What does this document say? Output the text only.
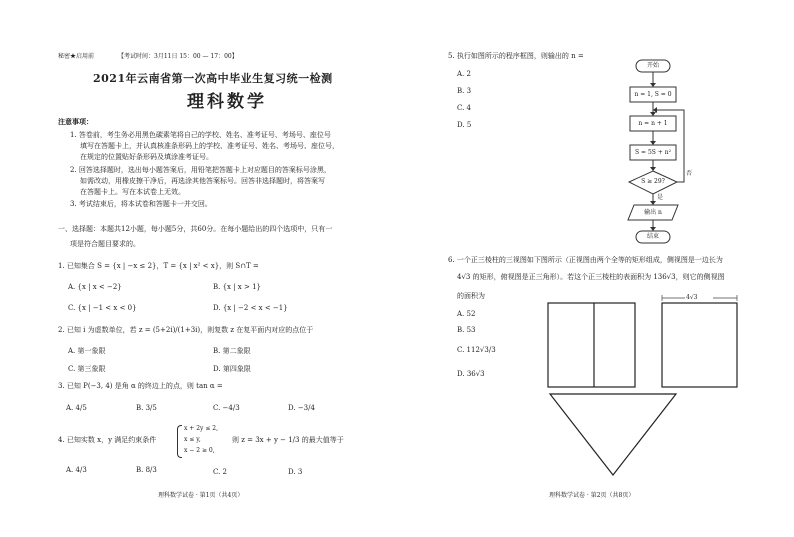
秘密★启用前	【考试时间：3月11日 15：00 — 17：00】
2021年云南省第一次高中毕业生复习统一检测
理科数学
注意事项：
1. 答卷前，考生务必用黑色碳素笔将自己的学校、姓名、准考证号、考场号、座位号
填写在答题卡上，并认真核准条形码上的学校、准考证号、姓名、考场号、座位号，
在规定的位置贴好条形码及填涂准考证号。
2. 回答选择题时，选出每小题答案后，用铅笔把答题卡上对应题目的答案标号涂黑，
如需改动，用橡皮擦干净后，再选涂其他答案标号。回答非选择题时，将答案写
在答题卡上。写在本试卷上无效。
3. 考试结束后，将本试卷和答题卡一并交回。
一、选择题：本题共12小题，每小题5分，共60分。在每小题给出的四个选项中，只有一
项是符合题目要求的。
1. 已知集合 S = {x | −x ≤ 2}，T = {x | x² < x}，则 S∩T =
A. {x | x < −2}	B. {x | x > 1}
C. {x | −1 < x < 0}	D. {x | −2 < x < −1}
2. 已知 i 为虚数单位，若 z = (5+2i)/(1+3i)，则复数 z 在复平面内对应的点位于
A. 第一象限	B. 第二象限
C. 第三象限	D. 第四象限
3. 已知 P(−3, 4) 是角 α 的终边上的点，则 tan α =
A. 4/5	B. 3/5	C. −4/3	D. −3/4
4. 已知实数 x，y 满足约束条件
x + 2y ≤ 2,
x ≤ y,
x − 2 ≥ 0,
则 z = 3x + y − 1/3 的最大值等于
A. 4/3	B. 8/3	C. 2	D. 3
理科数学试卷 · 第1页（共4页）
5. 执行如图所示的程序框图，则输出的 n =
A. 2
B. 3
C. 4
D. 5
开始
n = 1, S = 0
n = n + 1
S = 5S + n²
S ≥ 29?
否
是
输出 n
结束
6. 一个正三棱柱的三视图如下图所示（正视图由两个全等的矩形组成，侧视图是一边长为
4√3 的矩形，俯视图是正三角形）。若这个正三棱柱的表面积为 136√3，则它的侧视图
的面积为
A. 52
B. 53
C. 112√3/3
D. 36√3
4√3
理科数学试卷 · 第2页（共8页）
